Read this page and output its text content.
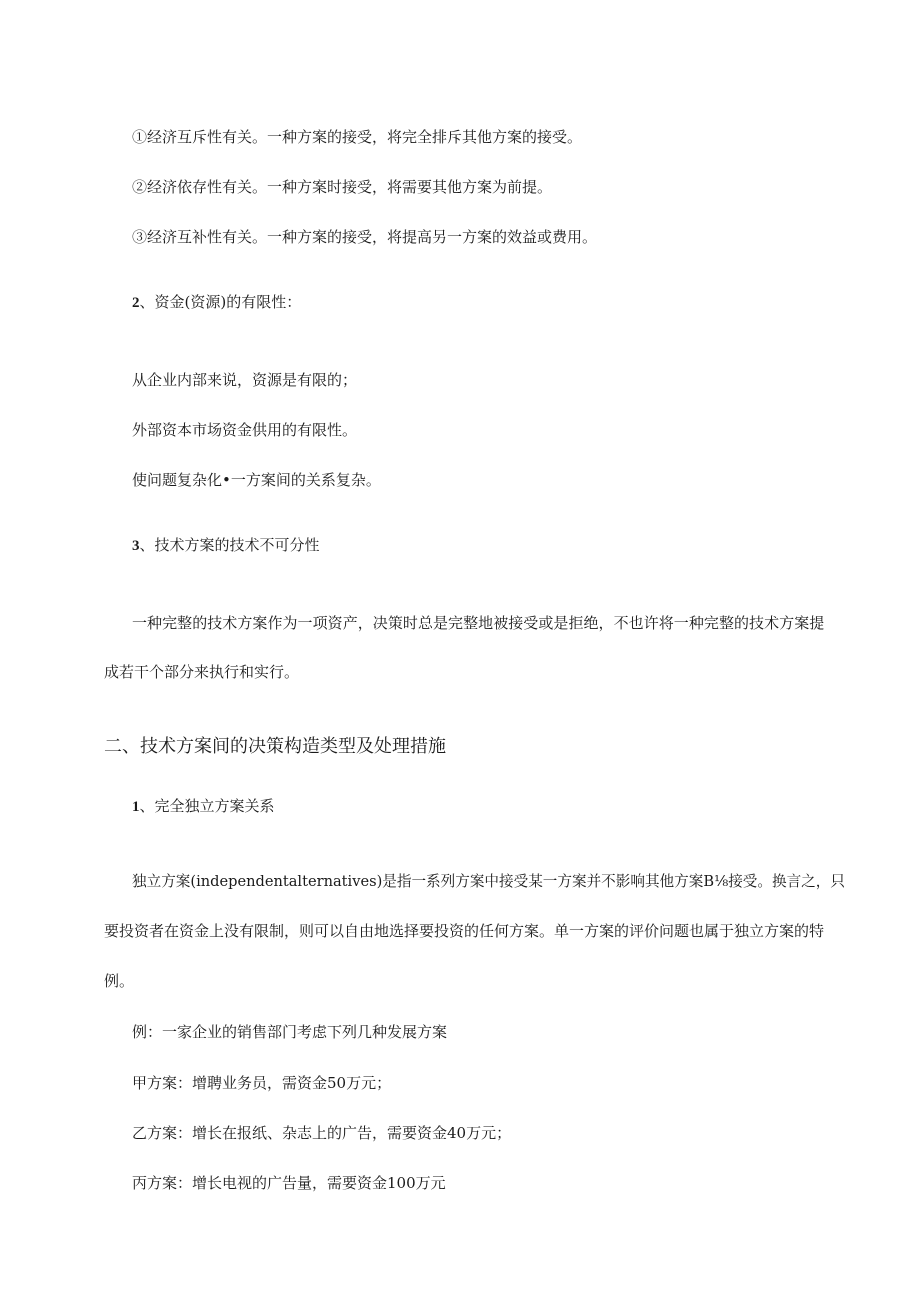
①经济互斥性有关。一种方案的接受，将完全排斥其他方案的接受。

②经济依存性有关。一种方案时接受，将需要其他方案为前提。

③经济互补性有关。一种方案的接受，将提高另一方案的效益或费用。

2、资金(资源)的有限性：

从企业内部来说，资源是有限的；

外部资本市场资金供用的有限性。

使问题复杂化•一方案间的关系复杂。

3、技术方案的技术不可分性

一种完整的技术方案作为一项资产，决策时总是完整地被接受或是拒绝，不也许将一种完整的技术方案提

成若干个部分来执行和实行。

二、技术方案间的决策构造类型及处理措施

1、完全独立方案关系

独立方案(independentalternatives)是指一系列方案中接受某一方案并不影响其他方案B⅛接受。换言之，只

要投资者在资金上没有限制，则可以自由地选择要投资的任何方案。单一方案的评价问题也属于独立方案的特

例。

例：一家企业的销售部门考虑下列几种发展方案

甲方案：增聘业务员，需资金50万元；

乙方案：增长在报纸、杂志上的广告，需要资金40万元；

丙方案：增长电视的广告量，需要资金100万元
